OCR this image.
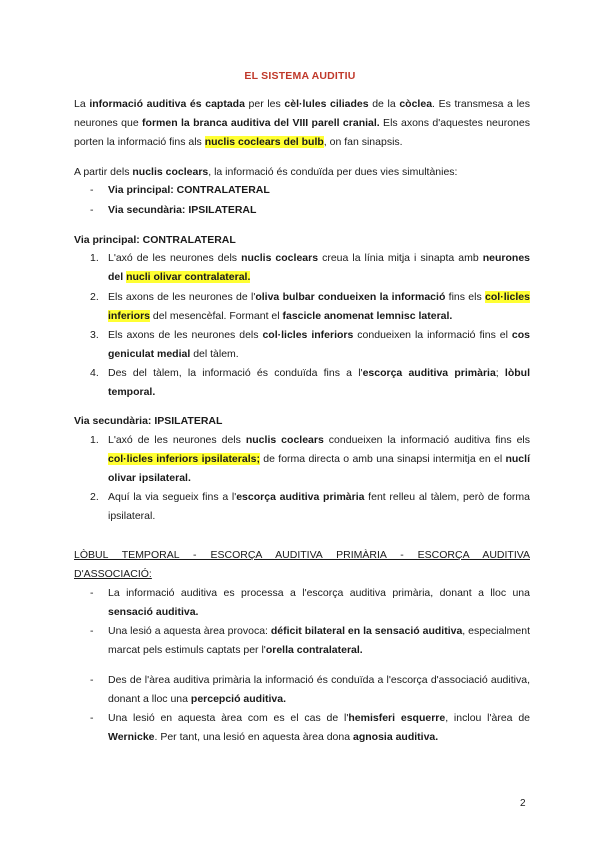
EL SISTEMA AUDITIU
La informació auditiva és captada per les cèl·lules ciliades de la còclea. Es transmesa a les neurones que formen la branca auditiva del VIII parell cranial. Els axons d'aquestes neurones porten la informació fins als nuclis coclears del bulb, on fan sinapsis.
A partir dels nuclis coclears, la informació és conduïda per dues vies simultànies:
- Via principal: CONTRALATERAL
- Via secundària: IPSILATERAL
Via principal: CONTRALATERAL
1. L'axó de les neurones dels nuclis coclears creua la línia mitja i sinapta amb neurones del nucli olivar contralateral.
2. Els axons de les neurones de l'oliva bulbar condueixen la informació fins els col·licles inferiors del mesencèfal. Formant el fascicle anomenat lemnisc lateral.
3. Els axons de les neurones dels col·licles inferiors condueixen la informació fins el cos geniculat medial del tàlem.
4. Des del tàlem, la informació és conduïda fins a l'escorça auditiva primària; lòbul temporal.
Via secundària: IPSILATERAL
1. L'axó de les neurones dels nuclis coclears condueixen la informació auditiva fins els col·licles inferiors ipsilaterals; de forma directa o amb una sinapsi intermitja en el nuclí olivar ipsilateral.
2. Aquí la via segueix fins a l'escorça auditiva primària fent relleu al tàlem, però de forma ipsilateral.
LÒBUL TEMPORAL - ESCORÇA AUDITIVA PRIMÀRIA - ESCORÇA AUDITIVA
D'ASSOCIACIÓ:
- La informació auditiva es processa a l'escorça auditiva primària, donant a lloc una sensació auditiva.
- Una lesió a aquesta àrea provoca: déficit bilateral en la sensació auditiva, especialment marcat pels estimuls captats per l'orella contralateral.
- Des de l'àrea auditiva primària la informació és conduïda a l'escorça d'associació auditiva, donant a lloc una percepció auditiva.
- Una lesió en aquesta àrea com es el cas de l'hemisferi esquerre, inclou l'àrea de Wernicke. Per tant, una lesió en aquesta àrea dona agnosia auditiva.
2
